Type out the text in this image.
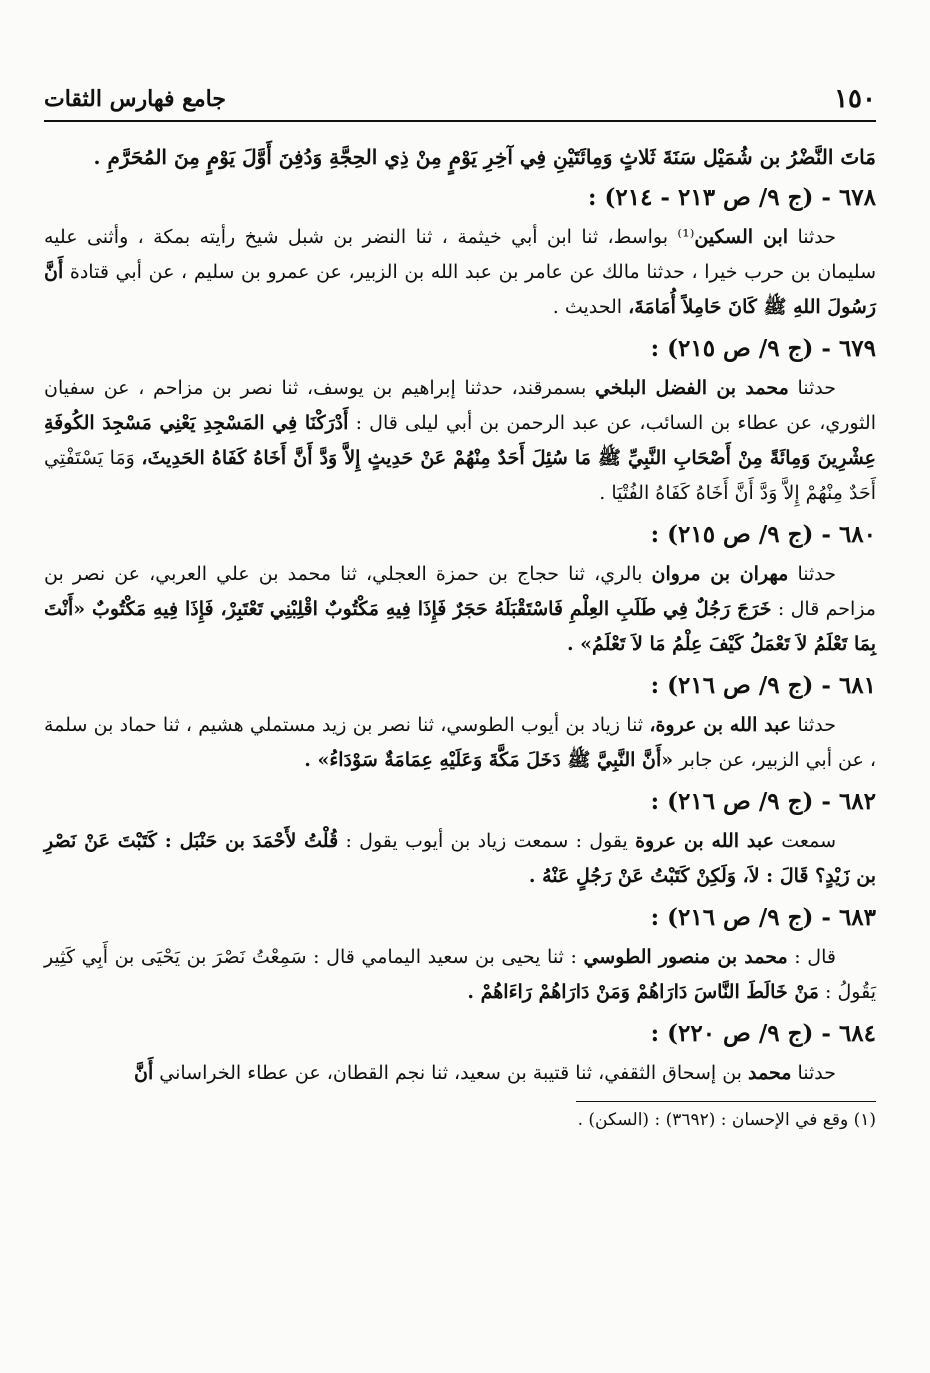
١٥٠
جامع فهارس الثقات

مَاتَ النَّضْرُ بن شُمَيْل سَنَةَ ثَلاثٍ وَمِائَتَيْنِ فِي آخِرِ يَوْمٍ مِنْ ذِي الحِجَّةِ وَدُفِنَ أَوَّلَ يَوْمٍ مِنَ المُحَرَّمِ .

٦٧٨ - (ج ٩/ ص ٢١٣ - ٢١٤) :

حدثنا ابن السكين⁽¹⁾ بواسط، ثنا ابن أبي خيثمة ، ثنا النضر بن شبل شيخ رأيته بمكة ، وأثنى عليه سليمان بن حرب خيرا ، حدثنا مالك عن عامر بن عبد الله بن الزبير، عن عمرو بن سليم ، عن أبي قتادة أَنَّ رَسُولَ اللهِ ﷺ كَانَ حَامِلاً أُمَامَةَ، الحديث .

٦٧٩ - (ج ٩/ ص ٢١٥) :

حدثنا محمد بن الفضل البلخي بسمرقند، حدثنا إبراهيم بن يوسف، ثنا نصر بن مزاحم ، عن سفيان الثوري، عن عطاء بن السائب، عن عبد الرحمن بن أبي ليلى قال : أَدْرَكْنَا فِي المَسْجِدِ يَعْنِي مَسْجِدَ الكُوفَةِ عِشْرِينَ وَمِائَةً مِنْ أَصْحَابِ النَّبِيِّ ﷺ مَا سُئِلَ أَحَدٌ مِنْهُمْ عَنْ حَدِيثٍ إِلاَّ وَدَّ أَنَّ أَخَاهُ كَفَاهُ الحَدِيثَ، وَمَا يَسْتَفْتِي أَحَدٌ مِنْهُمْ إِلاَّ وَدَّ أَنَّ أَخَاهُ كَفَاهُ الفُتْيَا .

٦٨٠ - (ج ٩/ ص ٢١٥) :

حدثنا مهران بن مروان بالري، ثنا حجاج بن حمزة العجلي، ثنا محمد بن علي العربي، عن نصر بن مزاحم قال : خَرَجَ رَجُلٌ فِي طَلَبِ العِلْمِ فَاسْتَقْبَلَهُ حَجَرٌ فَإِذَا فِيهِ مَكْتُوبٌ اقْلِبْنِي تَعْتَبِرْ، فَإِذَا فِيهِ مَكْتُوبٌ «أَنْتَ بِمَا تَعْلَمُ لاَ تَعْمَلُ كَيْفَ عِلْمُ مَا لاَ تَعْلَمُ» .

٦٨١ - (ج ٩/ ص ٢١٦) :

حدثنا عبد الله بن عروة، ثنا زياد بن أيوب الطوسي، ثنا نصر بن زيد مستملي هشيم ، ثنا حماد بن سلمة ، عن أبي الزبير، عن جابر «أَنَّ النَّبِيَّ ﷺ دَخَلَ مَكَّةَ وَعَلَيْهِ عِمَامَةٌ سَوْدَاءُ» .

٦٨٢ - (ج ٩/ ص ٢١٦) :

سمعت عبد الله بن عروة يقول : سمعت زياد بن أيوب يقول : قُلْتُ لأَحْمَدَ بن حَنْبَل : كَتَبْتَ عَنْ نَصْرِ بن زَيْدٍ؟ قَالَ : لاَ، وَلَكِنْ كَتَبْتُ عَنْ رَجُلٍ عَنْهُ .

٦٨٣ - (ج ٩/ ص ٢١٦) :

قال : محمد بن منصور الطوسي : ثنا يحيى بن سعيد اليمامي قال : سَمِعْتُ نَصْرَ بن يَحْيَى بن أَبِي كَثِير يَقُولُ : مَنْ خَالَطَ النَّاسَ دَارَاهُمْ وَمَنْ دَارَاهُمْ رَاءَاهُمْ .

٦٨٤ - (ج ٩/ ص ٢٢٠) :

حدثنا محمد بن إسحاق الثقفي، ثنا قتيبة بن سعيد، ثنا نجم القطان، عن عطاء الخراساني أَنَّ

(١) وقع في الإحسان : (٣٦٩٢) : (السكن) .
